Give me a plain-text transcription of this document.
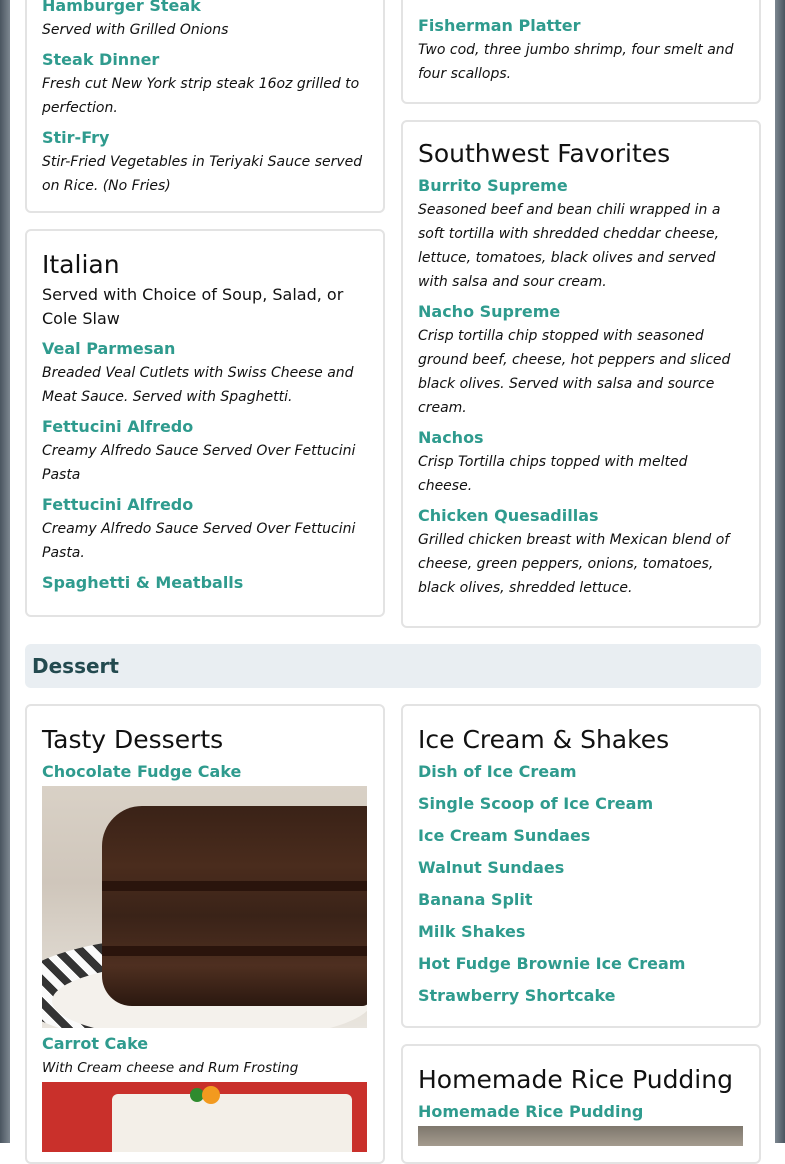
Hamburger Steak

Served with Grilled Onions

Steak Dinner

Fresh cut New York strip steak 16oz grilled to perfection.

Stir-Fry

Stir-Fried Vegetables in Teriyaki Sauce served on Rice. (No Fries)

Fisherman Platter

Two cod, three jumbo shrimp, four smelt and four scallops.

Italian
Served with Choice of Soup, Salad, or Cole Slaw

Veal Parmesan

Breaded Veal Cutlets with Swiss Cheese and Meat Sauce. Served with Spaghetti.

Fettucini Alfredo

Creamy Alfredo Sauce Served Over Fettucini Pasta

Fettucini Alfredo

Creamy Alfredo Sauce Served Over Fettucini Pasta.

Spaghetti & Meatballs

Southwest Favorites

Burrito Supreme

Seasoned beef and bean chili wrapped in a soft tortilla with shredded cheddar cheese, lettuce, tomatoes, black olives and served with salsa and sour cream.

Nacho Supreme

Crisp tortilla chip stopped with seasoned ground beef, cheese, hot peppers and sliced black olives. Served with salsa and source cream.

Nachos

Crisp Tortilla chips topped with melted cheese.

Chicken Quesadillas

Grilled chicken breast with Mexican blend of cheese, green peppers, onions, tomatoes, black olives, shredded lettuce.

Dessert
Tasty Desserts

Chocolate Fudge Cake

Carrot Cake

With Cream cheese and Rum Frosting

Ice Cream & Shakes

Dish of Ice Cream

Single Scoop of Ice Cream

Ice Cream Sundaes

Walnut Sundaes

Banana Split

Milk Shakes

Hot Fudge Brownie Ice Cream

Strawberry Shortcake

Homemade Rice Pudding

Homemade Rice Pudding
